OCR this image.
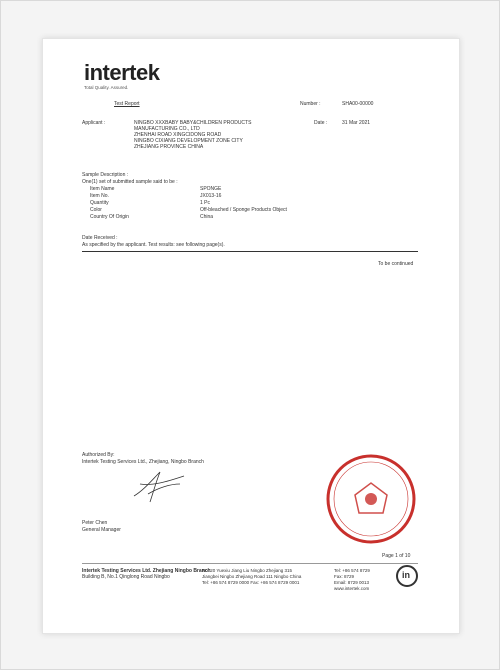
intertek
Total Quality. Assured.
Test Report	Number :	SHA00-00000
Applicant :	NINGBO XXXBABY BABY&CHILDREN PRODUCTS
MANUFACTURING CO., LTD
ZHENHAI ROAD XINGCIDONG ROAD
NINGBO CIXIANG DEVELOPMENT ZONE CITY
ZHEJIANG PROVINCE CHINA
Date :	31 Mar 2021
Sample Description :
One(1) set of submitted sample said to be :
Item Name	SPONGE
Item No.	JX013-16
Quantity	1 Pc
Color	Off-bleached / Sponge Products Object
Country Of Origin	China
Date Received :
As specified by the applicant. Test results: see following page(s).
To be continued
Authorized By:
Intertek Testing Services Ltd., Zhejiang, Ningbo Branch
Peter Chen
General Manager
Page 1 of 10
Intertek Testing Services Ltd. Zhejiang Ningbo Branch
Building B, No.1 Qinglong Road Ningbo
No. 20 Yuexiu Jiang Liu Ningbo Zhejiang 315
Jiangbei Ningbo Zhejiang Road 111 Ningbo China
Tel: +86 574 8729 0000 Fax: +86 574 8729 0001
Tel: +86 574 8729
Fax: 8729
Email: 8729 0013
www.intertek.com
in
